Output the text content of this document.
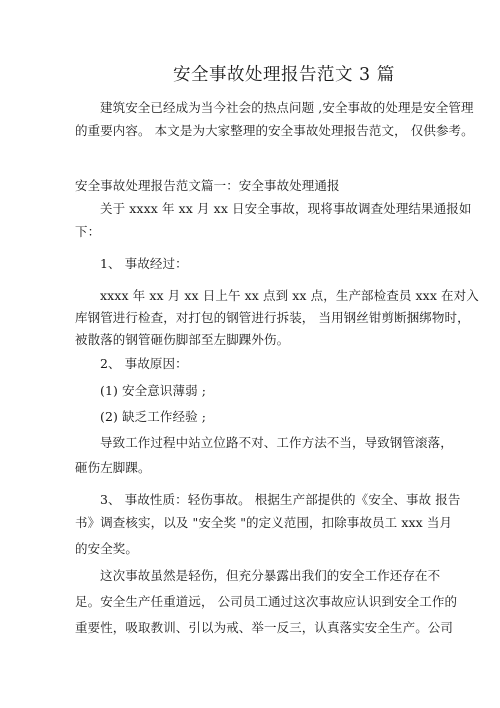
安全事故处理报告范文 3 篇
建筑安全已经成为当今社会的热点问题 ,安全事故的处理是安全管理
的重要内容。 本文是为大家整理的安全事故处理报告范文， 仅供参考。
安全事故处理报告范文篇一：安全事故处理通报
关于 xxxx 年 xx 月 xx 日安全事故，现将事故调查处理结果通报如
下：
1、 事故经过：
xxxx 年 xx 月 xx 日上午 xx 点到 xx 点，生产部检查员 xxx 在对入
库钢管进行检查，对打包的钢管进行拆装， 当用钢丝钳剪断捆绑物时，
被散落的钢管砸伤脚部至左脚踝外伤。
2、 事故原因：
(1) 安全意识薄弱 ;
(2) 缺乏工作经验 ;
导致工作过程中站立位路不对、工作方法不当，导致钢管滚落，
砸伤左脚踝。
3、 事故性质：轻伤事故。 根据生产部提供的《安全、事故 报告
书》调查核实，以及 "安全奖 "的定义范围，扣除事故员工 xxx 当月
的安全奖。
这次事故虽然是轻伤，但充分暴露出我们的安全工作还存在不
足。安全生产任重道远， 公司员工通过这次事故应认识到安全工作的
重要性，吸取教训、引以为戒、举一反三，认真落实安全生产。公司
